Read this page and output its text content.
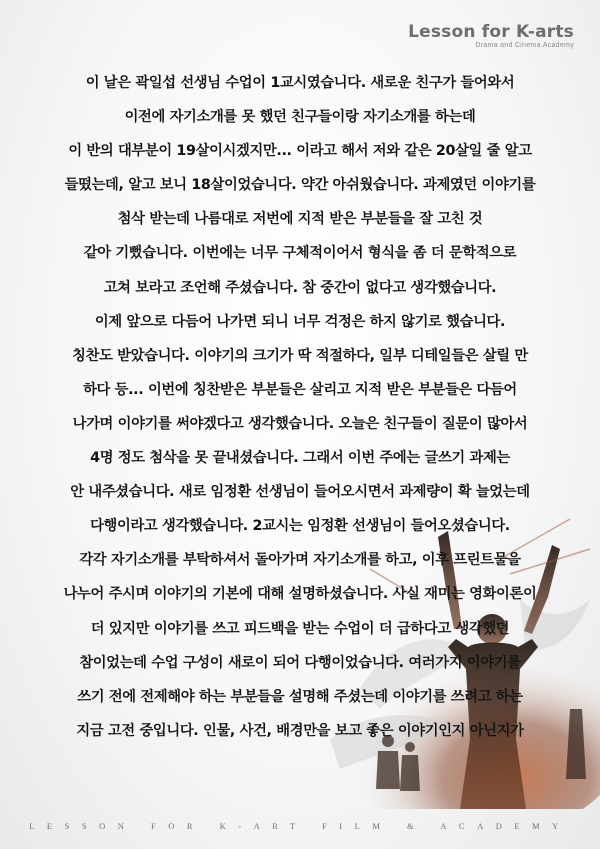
Lesson for K-arts
Drama and Cinema Academy
이 날은 곽일섭 선생님 수업이 1교시였습니다. 새로운 친구가 들어와서
이전에 자기소개를 못 했던 친구들이랑 자기소개를 하는데
이 반의 대부분이 19살이시겠지만... 이라고 해서 저와 같은 20살일 줄 알고
들떴는데, 알고 보니 18살이었습니다. 약간 아쉬웠습니다. 과제였던 이야기를
첨삭 받는데 나름대로 저번에 지적 받은 부분들을 잘 고친 것
같아 기뻤습니다. 이번에는 너무 구체적이어서 형식을 좀 더 문학적으로
고쳐 보라고 조언해 주셨습니다. 참 중간이 없다고 생각했습니다.
이제 앞으로 다듬어 나가면 되니 너무 걱정은 하지 않기로 했습니다.
칭찬도 받았습니다. 이야기의 크기가 딱 적절하다, 일부 디테일들은 살릴 만
하다 등... 이번에 칭찬받은 부분들은 살리고 지적 받은 부분들은 다듬어
나가며 이야기를 써야겠다고 생각했습니다. 오늘은 친구들이 질문이 많아서
4명 정도 첨삭을 못 끝내셨습니다. 그래서 이번 주에는 글쓰기 과제는
안 내주셨습니다. 새로 임정환 선생님이 들어오시면서 과제량이 확 늘었는데
다행이라고 생각했습니다. 2교시는 임정환 선생님이 들어오셨습니다.
각각 자기소개를 부탁하셔서 돌아가며 자기소개를 하고, 이후 프린트물을
나누어 주시며 이야기의 기본에 대해 설명하셨습니다. 사실 재미는 영화이론이
더 있지만 이야기를 쓰고 피드백을 받는 수업이 더 급하다고 생각했던
참이었는데 수업 구성이 새로이 되어 다행이었습니다. 여러가지 이야기를
쓰기 전에 전제해야 하는 부분들을 설명해 주셨는데 이야기를 쓰려고 하는
지금 고전 중입니다. 인물, 사건, 배경만을 보고 좋은 이야기인지 아닌지가
LESSON FOR K-ART FILM & ACADEMY
